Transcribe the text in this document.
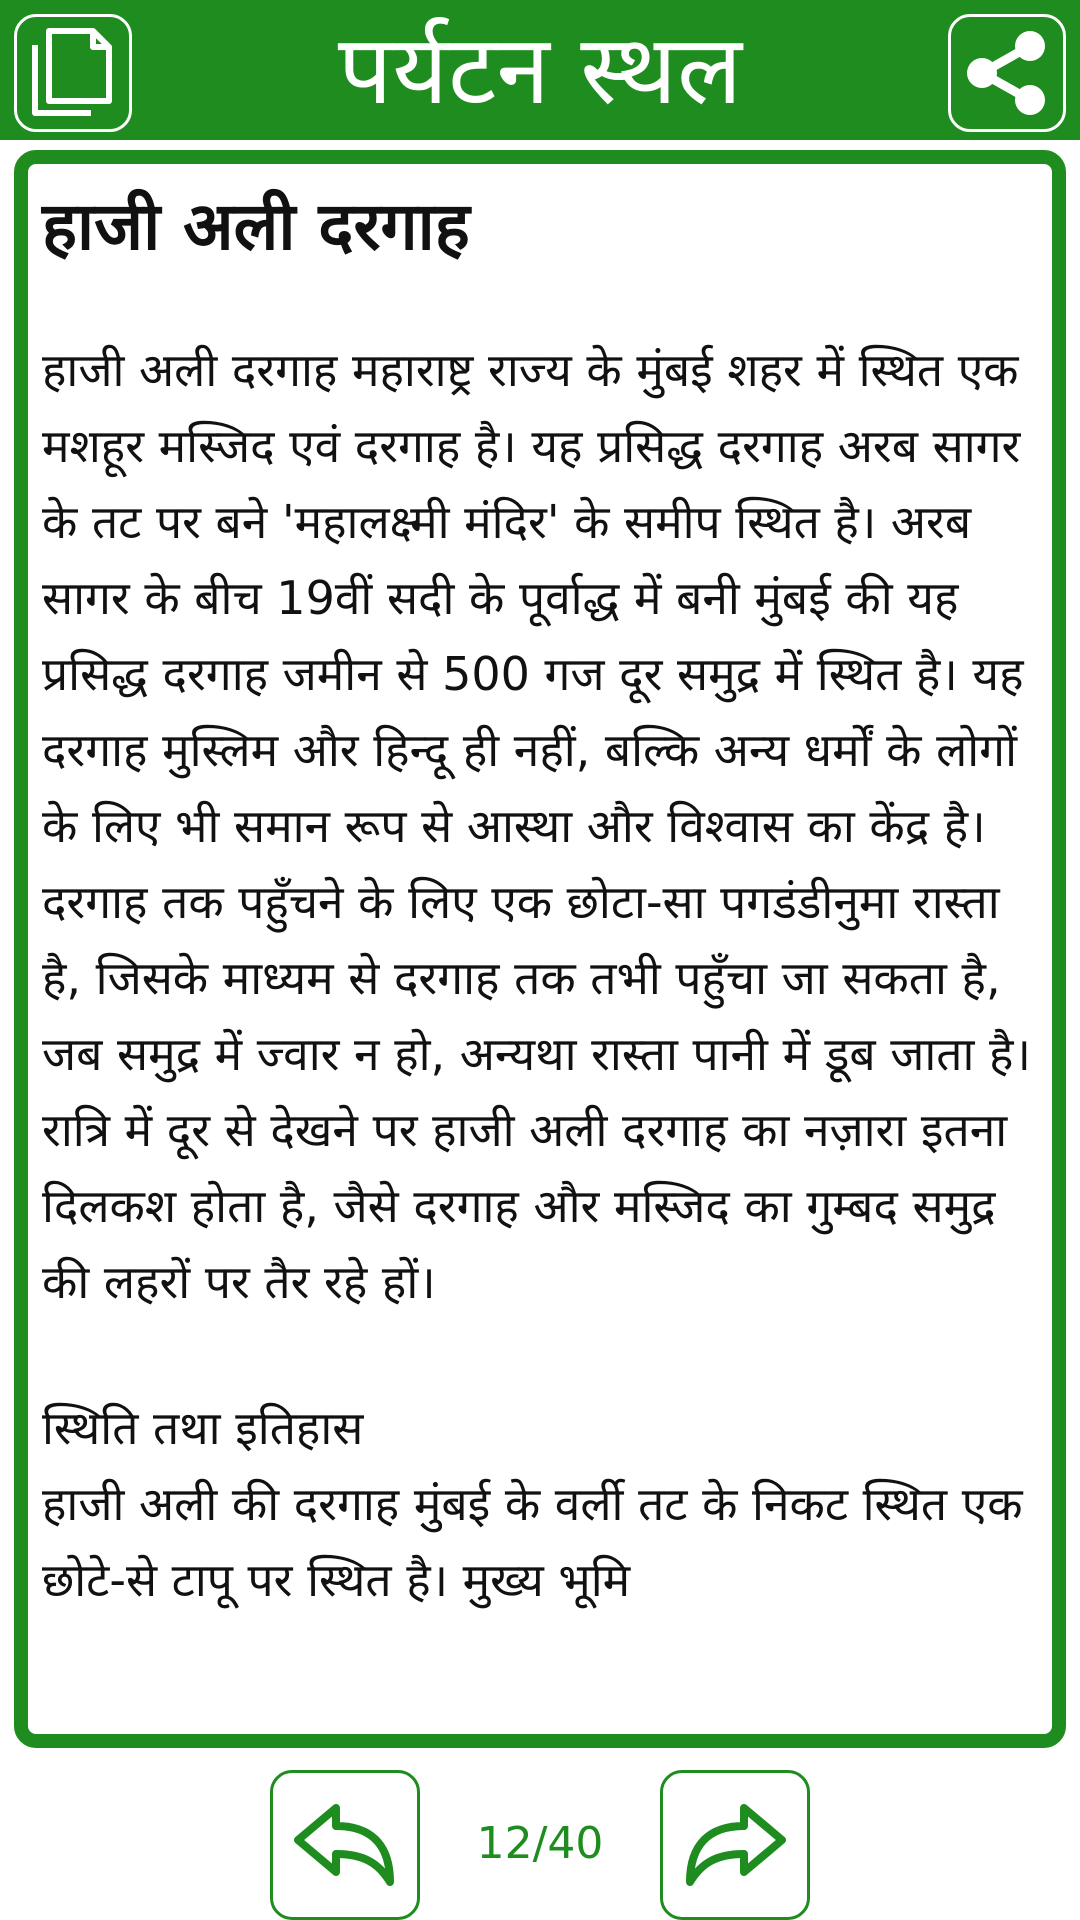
पर्यटन स्थल
हाजी अली दरगाह

हाजी अली दरगाह महाराष्ट्र राज्य के मुंबई शहर में स्थित एक मशहूर मस्जिद एवं दरगाह है। यह प्रसिद्ध दरगाह अरब सागर के तट पर बने 'महालक्ष्मी मंदिर' के समीप स्थित है। अरब सागर के बीच 19वीं सदी के पूर्वाद्ध में बनी मुंबई की यह प्रसिद्ध दरगाह जमीन से 500 गज दूर समुद्र में स्थित है। यह दरगाह मुस्लिम और हिन्दू ही नहीं, बल्कि अन्य धर्मों के लोगों के लिए भी समान रूप से आस्था और विश्वास का केंद्र है। दरगाह तक पहुँचने के लिए एक छोटा-सा पगडंडीनुमा रास्ता है, जिसके माध्यम से दरगाह तक तभी पहुँचा जा सकता है, जब समुद्र में ज्वार न हो, अन्यथा रास्ता पानी में डूब जाता है। रात्रि में दूर से देखने पर हाजी अली दरगाह का नज़ारा इतना दिलकश होता है, जैसे दरगाह और मस्जिद का गुम्बद समुद्र की लहरों पर तैर रहे हों।

स्थिति तथा इतिहास

हाजी अली की दरगाह मुंबई के वर्ली तट के निकट स्थित एक छोटे-से टापू पर स्थित है। मुख्य भूमि

12/40
